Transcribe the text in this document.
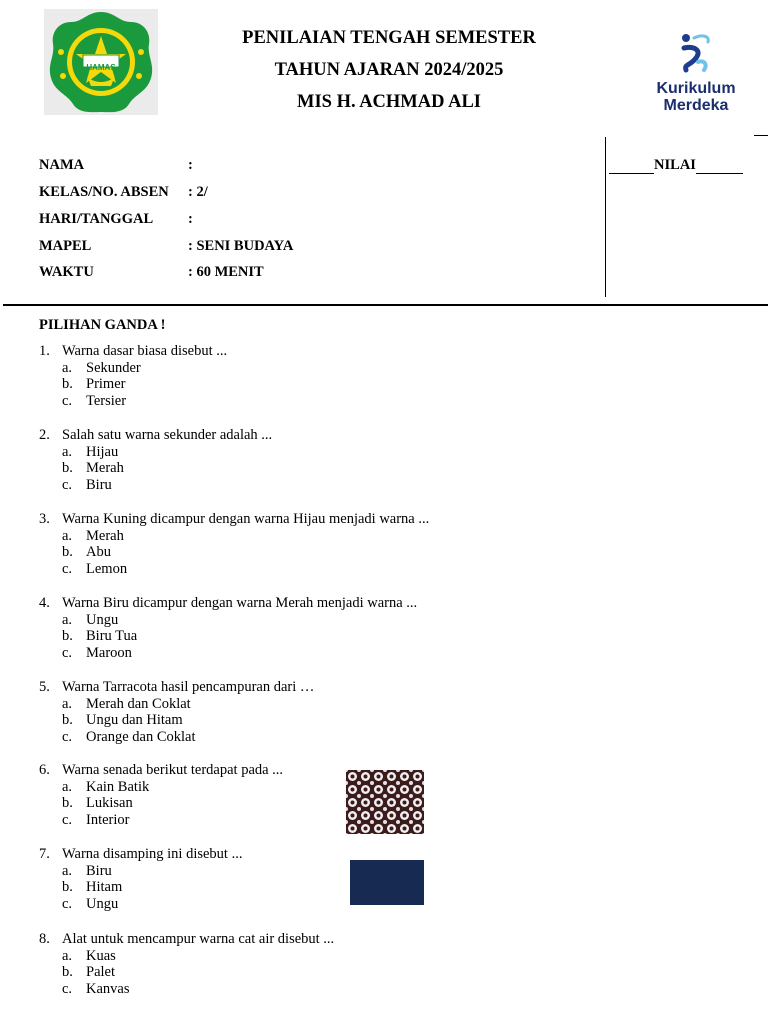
HAMAS
PENILAIAN TENGAH SEMESTER
TAHUN AJARAN 2024/2025
MIS H. ACHMAD ALI
Kurikulum
Merdeka
NAMA	:
KELAS/NO. ABSEN : 2/
HARI/TANGGAL :
MAPEL	: SENI BUDAYA
WAKTU	: 60 MENIT
NILAI
PILIHAN GANDA !
1. Warna dasar biasa disebut ...
a. Sekunder
b. Primer
c. Tersier
2. Salah satu warna sekunder adalah ...
a. Hijau
b. Merah
c. Biru
3. Warna Kuning dicampur dengan warna Hijau menjadi warna ...
a. Merah
b. Abu
c. Lemon
4. Warna Biru dicampur dengan warna Merah menjadi warna ...
a. Ungu
b. Biru Tua
c. Maroon
5. Warna Tarracota hasil pencampuran dari …
a. Merah dan Coklat
b. Ungu dan Hitam
c. Orange dan Coklat
6. Warna senada berikut terdapat pada ...
a. Kain Batik
b. Lukisan
c. Interior
7. Warna disamping ini disebut ...
a. Biru
b. Hitam
c. Ungu
8. Alat untuk mencampur warna cat air disebut ...
a. Kuas
b. Palet
c. Kanvas
